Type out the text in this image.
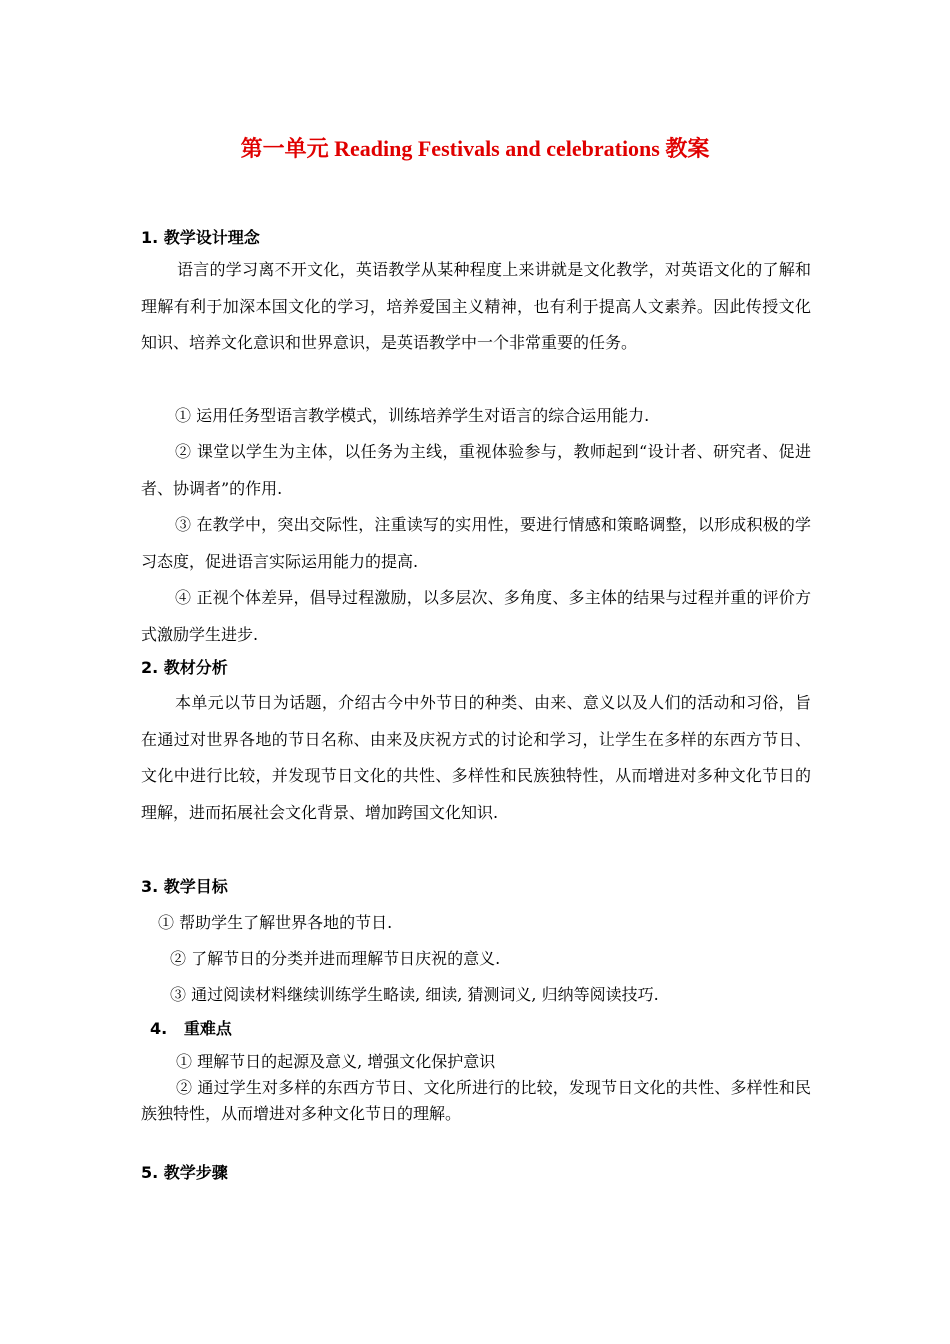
第一单元 Reading Festivals and celebrations 教案
1. 教学设计理念

语言的学习离不开文化，英语教学从某种程度上来讲就是文化教学，对英语文化的了解和理解有利于加深本国文化的学习，培养爱国主义精神，也有利于提高人文素养。因此传授文化知识、培养文化意识和世界意识，是英语教学中一个非常重要的任务。

① 运用任务型语言教学模式，训练培养学生对语言的综合运用能力.

② 课堂以学生为主体，以任务为主线，重视体验参与，教师起到“设计者、研究者、促进者、协调者”的作用.

③ 在教学中，突出交际性，注重读写的实用性，要进行情感和策略调整，以形成积极的学习态度，促进语言实际运用能力的提高.

④ 正视个体差异，倡导过程激励，以多层次、多角度、多主体的结果与过程并重的评价方式激励学生进步.

2. 教材分析

本单元以节日为话题，介绍古今中外节日的种类、由来、意义以及人们的活动和习俗，旨在通过对世界各地的节日名称、由来及庆祝方式的讨论和学习，让学生在多样的东西方节日、文化中进行比较，并发现节日文化的共性、多样性和民族独特性，从而增进对多种文化节日的理解，进而拓展社会文化背景、增加跨国文化知识.

3. 教学目标
① 帮助学生了解世界各地的节日.
② 了解节日的分类并进而理解节日庆祝的意义.
③ 通过阅读材料继续训练学生略读, 细读, 猜测词义, 归纳等阅读技巧.
4.   重难点
① 理解节日的起源及意义, 增强文化保护意识

② 通过学生对多样的东西方节日、文化所进行的比较，发现节日文化的共性、多样性和民族独特性，从而增进对多种文化节日的理解。

5. 教学步骤
